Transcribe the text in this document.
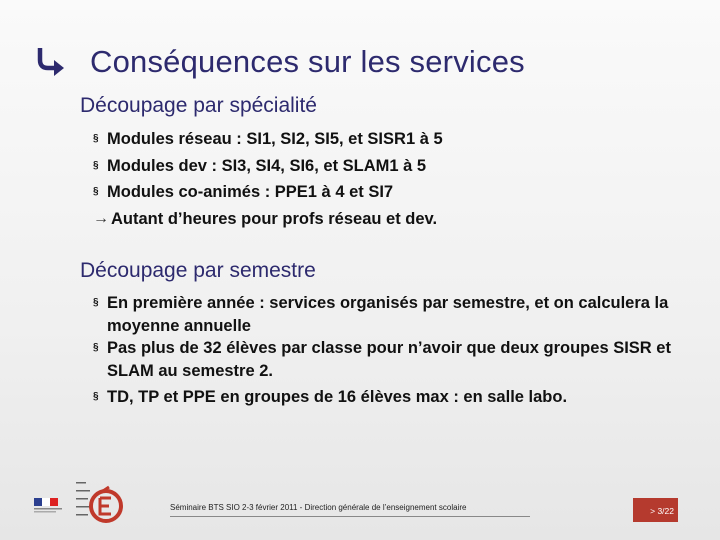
Conséquences sur les services
Découpage par spécialité
§ Modules réseau : SI1, SI2, SI5, et SISR1 à 5
§ Modules dev : SI3, SI4, SI6, et SLAM1 à 5
§ Modules co-animés : PPE1 à 4 et SI7
→ Autant d’heures pour profs réseau et dev.
Découpage par semestre
§ En première année : services organisés par semestre, et on calculera la moyenne annuelle
§ Pas plus de 32 élèves par classe pour n’avoir que deux groupes SISR et SLAM au semestre 2.
§ TD, TP et PPE en groupes de 16 élèves max : en salle labo.
Séminaire BTS SIO 2-3 février 2011 - Direction générale de l’enseignement scolaire	> 3/22
